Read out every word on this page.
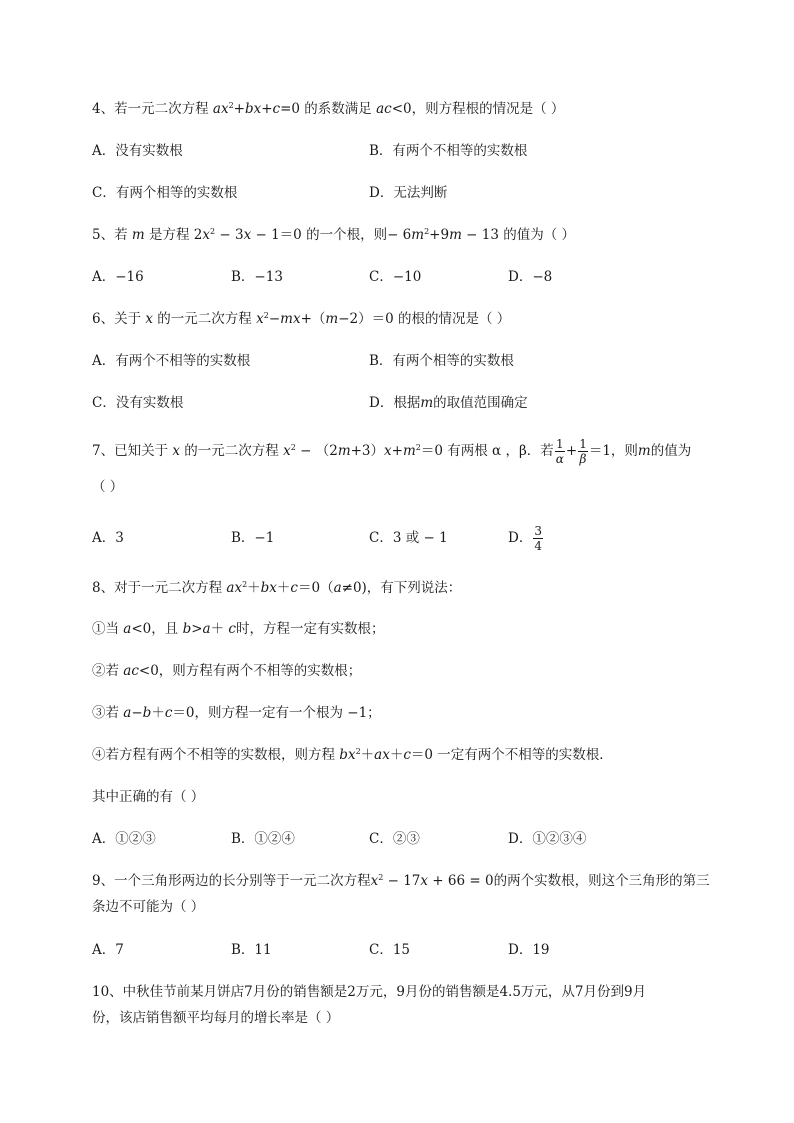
4、若一元二次方程 $ax^2+bx+c=0$ 的系数满足 ac<0，则方程根的情况是（ ）
A．没有实数根	B．有两个不相等的实数根
C．有两个相等的实数根	D．无法判断
5、若 m 是方程 $2x^2 - 3x - 1=0$ 的一个根，则− $6m^2+9m - 13$ 的值为（ ）
A．−16	B．−13	C．−10	D．−8
6、关于 x 的一元二次方程 $x^2-mx+(m-2)=0$ 的根的情况是（ ）
A．有两个不相等的实数根	B．有两个相等的实数根
C．没有实数根	D．根据m的取值范围确定
7、已知关于 x 的一元二次方程 $x^2 - (2m+3)x+m^2=0$ 有两根 α ，β．若 $\frac{1}{\alpha} + \frac{1}{\beta} =1$，则m的值为
（ ）
A．3	B．−1	C．3 或 − 1	D． $\frac{3}{4}$
8、对于一元二次方程 $ax^2+bx+c=0(a\ne 0)$，有下列说法：
①当 a<0，且 b>a＋ c时，方程一定有实数根；
②若 ac<0，则方程有两个不相等的实数根；
③若 a−b＋c＝0，则方程一定有一个根为 −1；
④若方程有两个不相等的实数根，则方程 $bx^2+ax+c=0$ 一定有两个不相等的实数根．
其中正确的有（ ）
A．①②③	B．①②④	C．②③	D．①②③④
9、一个三角形两边的长分别等于一元二次方程$x^2 - 17x + 66 = 0$的两个实数根，则这个三角形的第三
条边不可能为（ ）
A．7	B．11	C．15	D．19
10、中秋佳节前某月饼店7月份的销售额是2万元，9月份的销售额是4.5万元，从7月份到9月
份，该店销售额平均每月的增长率是（ ）
